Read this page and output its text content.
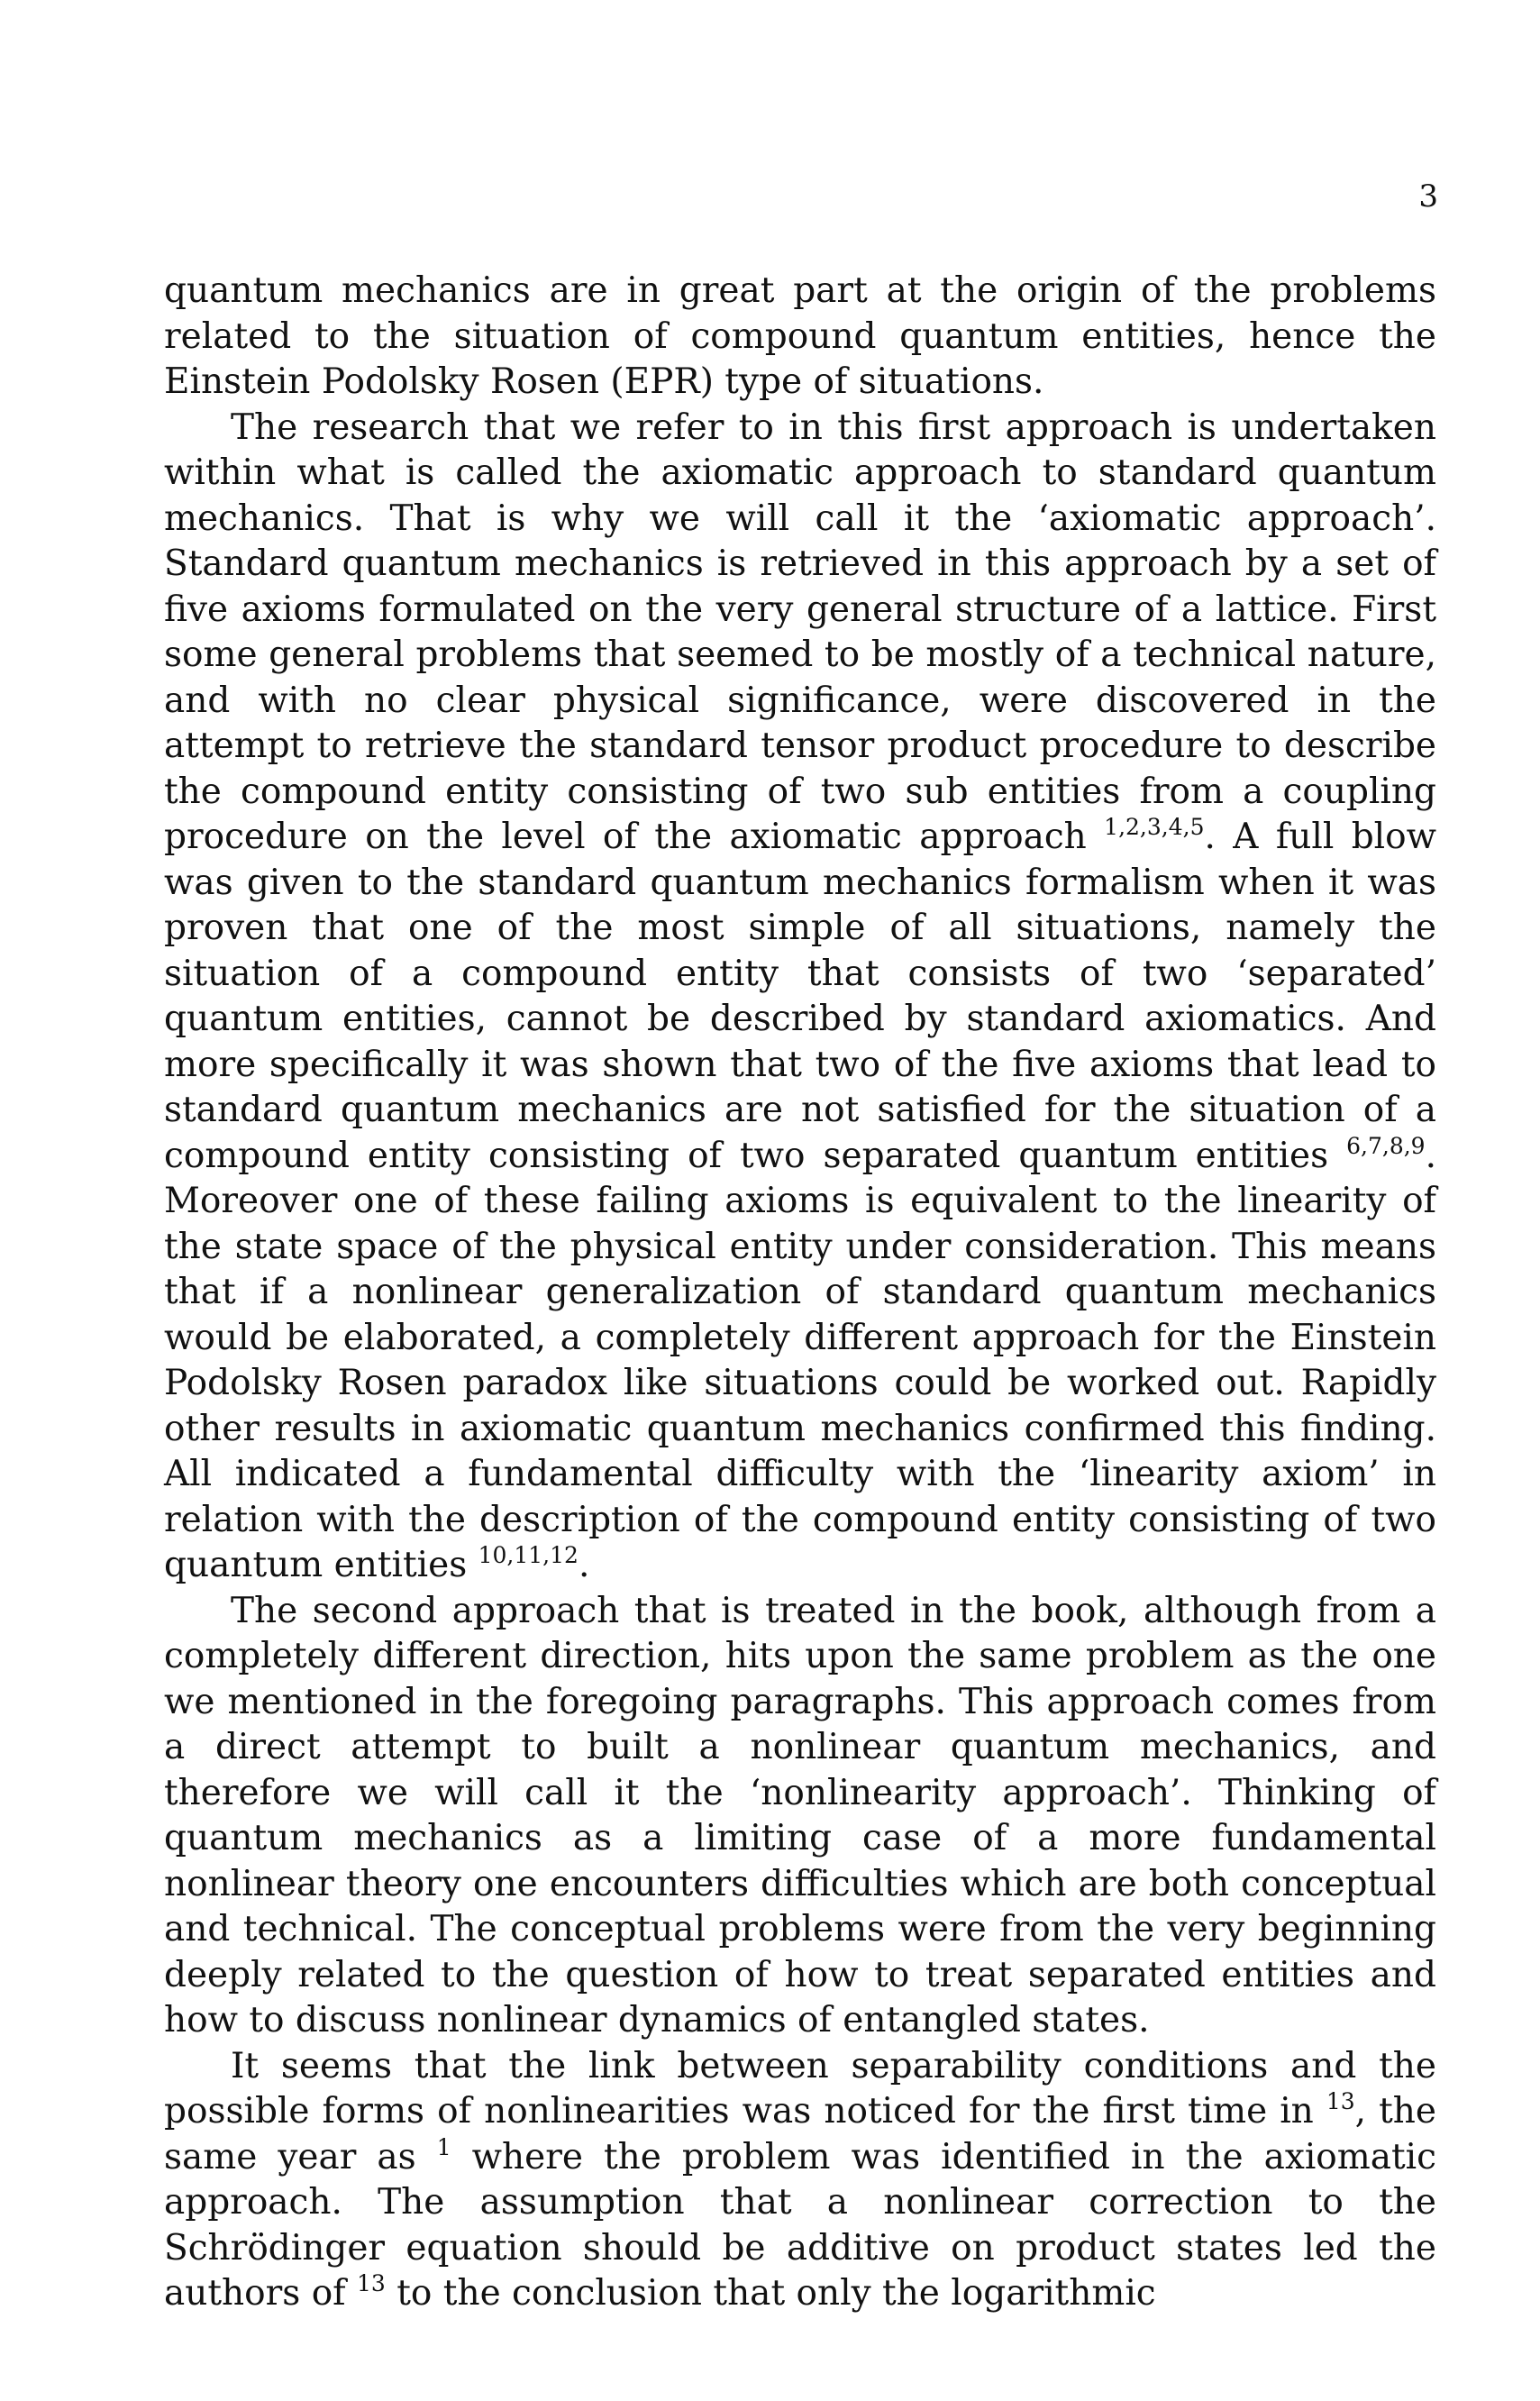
3

quantum mechanics are in great part at the origin of the problems related to the situation of compound quantum entities, hence the Einstein Podolsky Rosen (EPR) type of situations.

The research that we refer to in this first approach is undertaken within what is called the axiomatic approach to standard quantum mechanics. That is why we will call it the ‘axiomatic approach’. Standard quantum mechanics is retrieved in this approach by a set of five axioms formulated on the very general structure of a lattice. First some general problems that seemed to be mostly of a technical nature, and with no clear physical significance, were discovered in the attempt to retrieve the standard tensor product procedure to describe the compound entity consisting of two sub entities from a coupling procedure on the level of the axiomatic approach $^{1,2,3,4,5}$. A full blow was given to the standard quantum mechanics formalism when it was proven that one of the most simple of all situations, namely the situation of a compound entity that consists of two ‘separated’ quantum entities, cannot be described by standard axiomatics. And more specifically it was shown that two of the five axioms that lead to standard quantum mechanics are not satisfied for the situation of a compound entity consisting of two separated quantum entities $^{6,7,8,9}$. Moreover one of these failing axioms is equivalent to the linearity of the state space of the physical entity under consideration. This means that if a nonlinear generalization of standard quantum mechanics would be elaborated, a completely different approach for the Einstein Podolsky Rosen paradox like situations could be worked out. Rapidly other results in axiomatic quantum mechanics confirmed this finding. All indicated a fundamental difficulty with the ‘linearity axiom’ in relation with the description of the compound entity consisting of two quantum entities $^{10,11,12}$.

The second approach that is treated in the book, although from a completely different direction, hits upon the same problem as the one we mentioned in the foregoing paragraphs. This approach comes from a direct attempt to built a nonlinear quantum mechanics, and therefore we will call it the ‘nonlinearity approach’. Thinking of quantum mechanics as a limiting case of a more fundamental nonlinear theory one encounters difficulties which are both conceptual and technical. The conceptual problems were from the very beginning deeply related to the question of how to treat separated entities and how to discuss nonlinear dynamics of entangled states.

It seems that the link between separability conditions and the possible forms of nonlinearities was noticed for the first time in $^{13}$, the same year as $^1$ where the problem was identified in the axiomatic approach. The assumption that a nonlinear correction to the Schrödinger equation should be additive on product states led the authors of $^{13}$ to the conclusion that only the logarithmic
